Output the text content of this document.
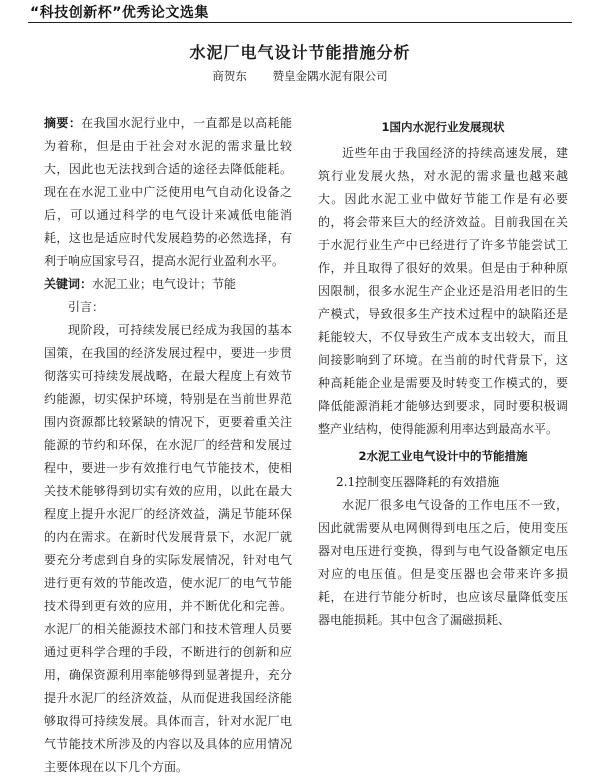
“科技创新杯”优秀论文选集
水泥厂电气设计节能措施分析
商贺东 赞皇金隅水泥有限公司

摘要：在我国水泥行业中，一直都是以高耗能为着称，但是由于社会对水泥的需求量比较大，因此也无法找到合适的途径去降低能耗。现在在水泥工业中广泛使用电气自动化设备之后，可以通过科学的电气设计来减低电能消耗，这也是适应时代发展趋势的必然选择，有利于响应国家号召，提高水泥行业盈利水平。

关键词：水泥工业；电气设计；节能

引言：

现阶段，可持续发展已经成为我国的基本国策，在我国的经济发展过程中，要进一步贯彻落实可持续发展战略，在最大程度上有效节约能源，切实保护环境，特别是在当前世界范围内资源都比较紧缺的情况下，更要着重关注能源的节约和环保，在水泥厂的经营和发展过程中，要进一步有效推行电气节能技术，使相关技术能够得到切实有效的应用，以此在最大程度上提升水泥厂的经济效益，满足节能环保的内在需求。在新时代发展背景下，水泥厂就要充分考虑到自身的实际发展情况，针对电气进行更有效的节能改造，使水泥厂的电气节能技术得到更有效的应用，并不断优化和完善。水泥厂的相关能源技术部门和技术管理人员要通过更科学合理的手段，不断进行的创新和应用，确保资源利用率能够得到显著提升，充分提升水泥厂的经济效益，从而促进我国经济能够取得可持续发展。具体而言，针对水泥厂电气节能技术所涉及的内容以及具体的应用情况主要体现在以下几个方面。

1国内水泥行业发展现状

近些年由于我国经济的持续高速发展，建筑行业发展火热，对水泥的需求量也越来越大。因此水泥工业中做好节能工作是有必要的，将会带来巨大的经济效益。目前我国在关于水泥行业生产中已经进行了许多节能尝试工作，并且取得了很好的效果。但是由于种种原因限制，很多水泥生产企业还是沿用老旧的生产模式，导致很多生产技术过程中的缺陷还是耗能较大，不仅导致生产成本支出较大，而且间接影响到了环境。在当前的时代背景下，这种高耗能企业是需要及时转变工作模式的，要降低能源消耗才能够达到要求，同时要积极调整产业结构，使得能源利用率达到最高水平。

2水泥工业电气设计中的节能措施

2.1控制变压器降耗的有效措施

水泥厂很多电气设备的工作电压不一致，因此就需要从电网侧得到电压之后，使用变压器对电压进行变换，得到与电气设备额定电压对应的电压值。但是变压器也会带来许多损耗，在进行节能分析时，也应该尽量降低变压器电能损耗。其中包含了漏磁损耗、
